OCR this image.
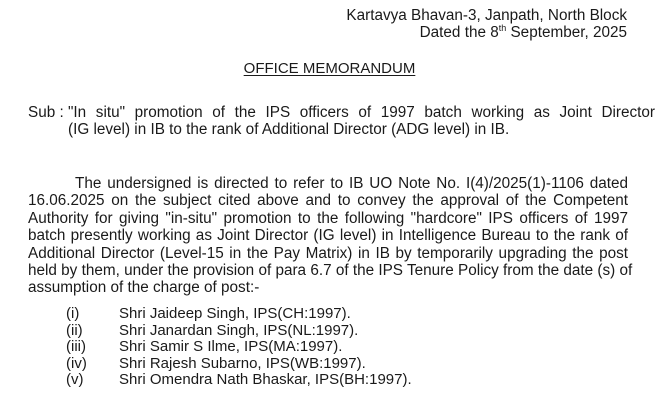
Kartavya Bhavan-3, Janpath, North Block
Dated the 8th September, 2025
OFFICE MEMORANDUM
Sub : "In situ" promotion of the IPS officers of 1997 batch working as Joint Director
(IG level) in IB to the rank of Additional Director (ADG level) in IB.
The undersigned is directed to refer to IB UO Note No. I(4)/2025(1)-1106 dated
16.06.2025 on the subject cited above and to convey the approval of the Competent
Authority for giving "in-situ" promotion to the following "hardcore" IPS officers of 1997
batch presently working as Joint Director (IG level) in Intelligence Bureau to the rank of
Additional Director (Level-15 in the Pay Matrix) in IB by temporarily upgrading the post
held by them, under the provision of para 6.7 of the IPS Tenure Policy from the date (s) of
assumption of the charge of post:-
(i)	Shri Jaideep Singh, IPS(CH:1997).
(ii)	Shri Janardan Singh, IPS(NL:1997).
(iii)	Shri Samir S Ilme, IPS(MA:1997).
(iv)	Shri Rajesh Subarno, IPS(WB:1997).
(v)	Shri Omendra Nath Bhaskar, IPS(BH:1997).
